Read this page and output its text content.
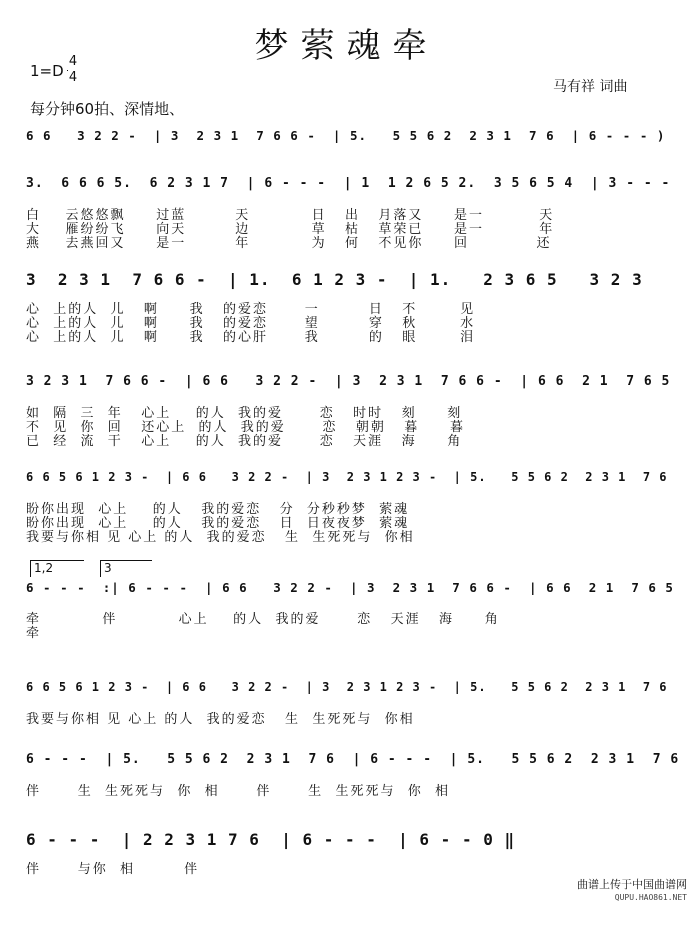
梦萦魂牵
1=D
4
4
马有祥 词曲
每分钟60拍、深情地、
6 6   3 2 2 -  | 3  2 3 1  7 6 6 -  | 5.   5 5 6 2  2 3 1  7 6  | 6 - - - )
3.  6 6 6 5.  6 2 3 1 7  | 6 - - -  | 1  1 2 6 5 2.  3 5 6 5 4  | 3 - - -
白    云悠悠飘     过蓝        天          日   出   月落又     是一         天
大    雁纷纷飞     向天        边          草   枯   草荣已     是一         年
燕    去燕回又     是一        年          为   何   不见你     回           还
3  2 3 1  7 6 6 -  | 1.  6 1 2 3 -  | 1.   2 3 6 5   3 2 3
心  上的人  儿   啊     我   的爱恋      一        日   不       见
心  上的人  儿   啊     我   的爱恋      望        穿   秋       水
心  上的人  儿   啊     我   的心肝      我        的   眼       泪
3 2 3 1  7 6 6 -  | 6 6   3 2 2 -  | 3  2 3 1  7 6 6 -  | 6 6  2 1  7 6 5
如  隔  三  年   心上    的人  我的爱      恋   时时   刻     刻
不  见  你  回   还心上  的人  我的爱      恋   朝朝   暮     暮
已  经  流  干   心上    的人  我的爱      恋   天涯   海     角
6 6 5 6 1 2 3 -  | 6 6   3 2 2 -  | 3  2 3 1 2 3 -  | 5.   5 5 6 2  2 3 1  7 6
盼你出现  心上    的人   我的爱恋   分  分秒秒梦  萦魂
盼你出现  心上    的人   我的爱恋   日  日夜夜梦  萦魂
我要与你相 见 心上 的人  我的爱恋   生  生死死与  你相
6 - - -  :| 6 - - -  | 6 6   3 2 2 -  | 3  2 3 1  7 6 6 -  | 6 6  2 1  7 6 5
1,2	3
牵          伴          心上    的人  我的爱      恋   天涯   海     角
牵
6 6 5 6 1 2 3 -  | 6 6   3 2 2 -  | 3  2 3 1 2 3 -  | 5.   5 5 6 2  2 3 1  7 6
我要与你相 见 心上 的人  我的爱恋   生  生死死与  你相
6 - - -  | 5.   5 5 6 2  2 3 1  7 6  | 6 - - -  | 5.   5 5 6 2  2 3 1  7 6
伴      生  生死死与  你  相      伴      生  生死死与  你  相
6 - - -  | 2 2 3 1 7 6  | 6 - - -  | 6 - - 0 ‖
伴      与你  相        伴
曲谱上传于中国曲谱网
QUPU.HAO861.NET
